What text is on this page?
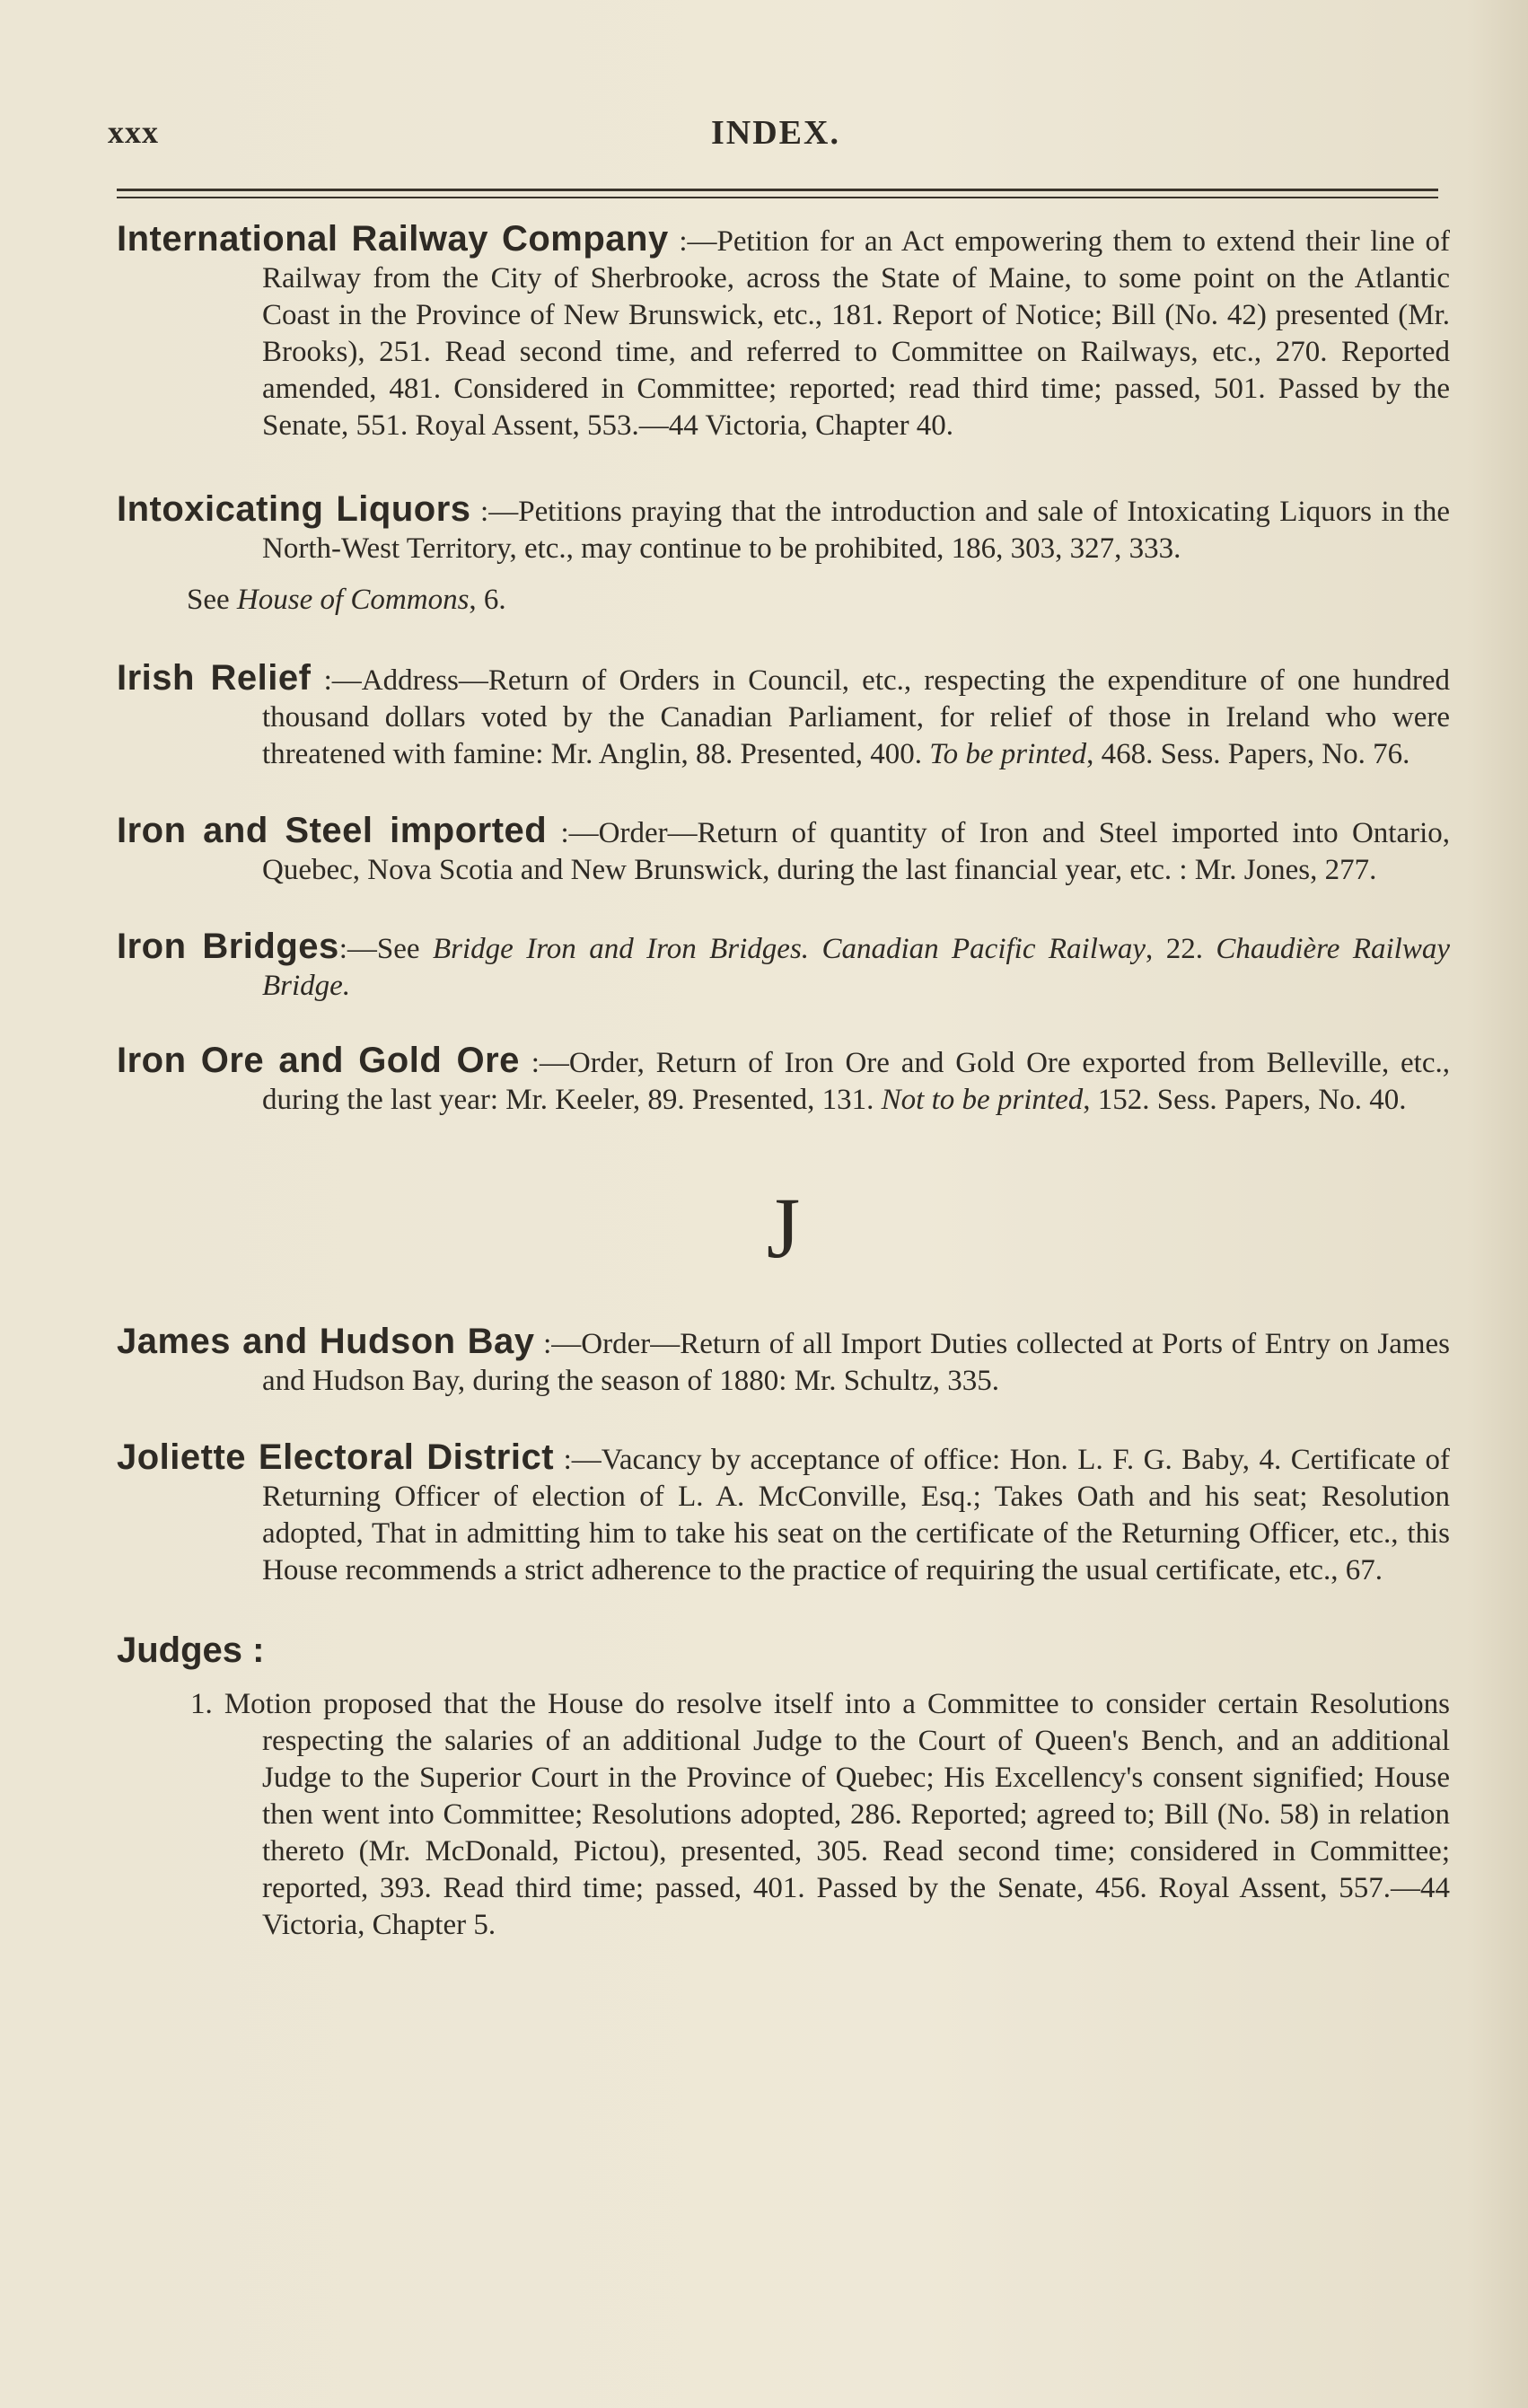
xxx	INDEX.
International Railway Company :—Petition for an Act empowering them to extend their line of Railway from the City of Sherbrooke, across the State of Maine, to some point on the Atlantic Coast in the Province of New Brunswick, etc., 181. Report of Notice; Bill (No. 42) presented (Mr. Brooks), 251. Read second time, and referred to Committee on Railways, etc., 270. Reported amended, 481. Considered in Committee; reported; read third time; passed, 501. Passed by the Senate, 551. Royal Assent, 553.—44 Victoria, Chapter 40.
Intoxicating Liquors :—Petitions praying that the introduction and sale of Intoxicating Liquors in the North-West Territory, etc., may continue to be prohibited, 186, 303, 327, 333.
See House of Commons, 6.
Irish Relief :—Address—Return of Orders in Council, etc., respecting the expenditure of one hundred thousand dollars voted by the Canadian Parliament, for relief of those in Ireland who were threatened with famine: Mr. Anglin, 88. Presented, 400. To be printed, 468. Sess. Papers, No. 76.
Iron and Steel imported :—Order—Return of quantity of Iron and Steel imported into Ontario, Quebec, Nova Scotia and New Brunswick, during the last financial year, etc. : Mr. Jones, 277.
Iron Bridges:—See Bridge Iron and Iron Bridges. Canadian Pacific Railway, 22. Chaudière Railway Bridge.
Iron Ore and Gold Ore :—Order, Return of Iron Ore and Gold Ore exported from Belleville, etc., during the last year: Mr. Keeler, 89. Presented, 131. Not to be printed, 152. Sess. Papers, No. 40.
J
James and Hudson Bay :—Order—Return of all Import Duties collected at Ports of Entry on James and Hudson Bay, during the season of 1880: Mr. Schultz, 335.
Joliette Electoral District :—Vacancy by acceptance of office: Hon. L. F. G. Baby, 4. Certificate of Returning Officer of election of L. A. McConville, Esq.; Takes Oath and his seat; Resolution adopted, That in admitting him to take his seat on the certificate of the Returning Officer, etc., this House recommends a strict adherence to the practice of requiring the usual certificate, etc., 67.
Judges :
1. Motion proposed that the House do resolve itself into a Committee to consider certain Resolutions respecting the salaries of an additional Judge to the Court of Queen's Bench, and an additional Judge to the Superior Court in the Province of Quebec; His Excellency's consent signified; House then went into Committee; Resolutions adopted, 286. Reported; agreed to; Bill (No. 58) in relation thereto (Mr. McDonald, Pictou), presented, 305. Read second time; considered in Committee; reported, 393. Read third time; passed, 401. Passed by the Senate, 456. Royal Assent, 557.—44 Victoria, Chapter 5.
